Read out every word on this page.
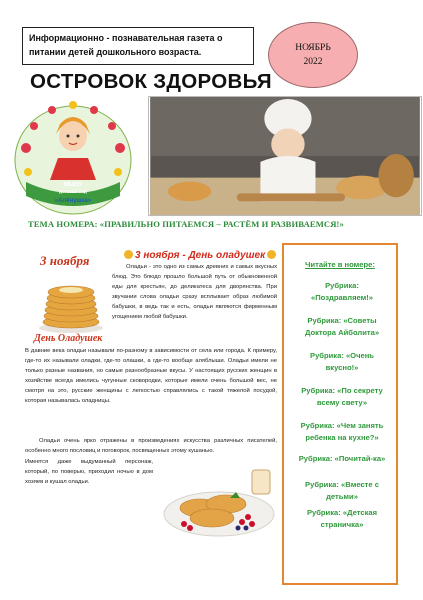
Информационно - познавательная газета о
питании детей дошкольного возраста.	НОЯБРЬ
2022
ОСТРОВОК ЗДОРОВЬЯ
МБДОУ
детский сад
«Алёнушка»
ТЕМА НОМЕРА: «ПРАВИЛЬНО ПИТАЕМСЯ – РАСТЁМ И РАЗВИВАЕМСЯ!»
Читайте в номере:
Рубрика:
«Поздравляем!»
Рубрика: «Советы
Доктора Айболита»
Рубрика: «Очень
вкусно!»
Рубрика: «По секрету
всему свету»
Рубрика: «Чем занять
ребенка на кухне?»
Рубрика: «Почитай-ка»
Рубрика: «Вместе с
детьми»
Рубрика: «Детская
страничка»
3 ноября - День оладушек
3 ноября
День Оладушек
Оладьи - это одно из самых древних и самых вкусных блюд. Это блюдо прошло большой путь от обыкновенной еды для крестьян, до деликатеса для дворянства. При звучании слова оладьи сразу всплывает образ любимой бабушки, в ведь так и есть, оладьи являются фирменным угощением любой бабушки.
В давние века оладьи называли по-разному в зависимости от села или города. К примеру, где-то их называли оладки, где-то олашки, а где-то вообще аляблыши. Оладьи имели не только разные названия, но самые разнообразные вкусы. У настоящих русских женщин в хозяйстве всегда имелись чугунные сковородки, которые имели очень большой вес, не смотря на это, русские женщины с легкостью справлялись с такой тяжелой посудой, которая называлась оладницы.
Оладьи очень ярко отражены в произведениях искусства различных писателей, особенно много пословиц и поговорок, посвященных этому кушанью.
Имеется даже выдуманный персонаж, который, по поверью, приходил ночью в дом хозяев и кушал оладьи.
